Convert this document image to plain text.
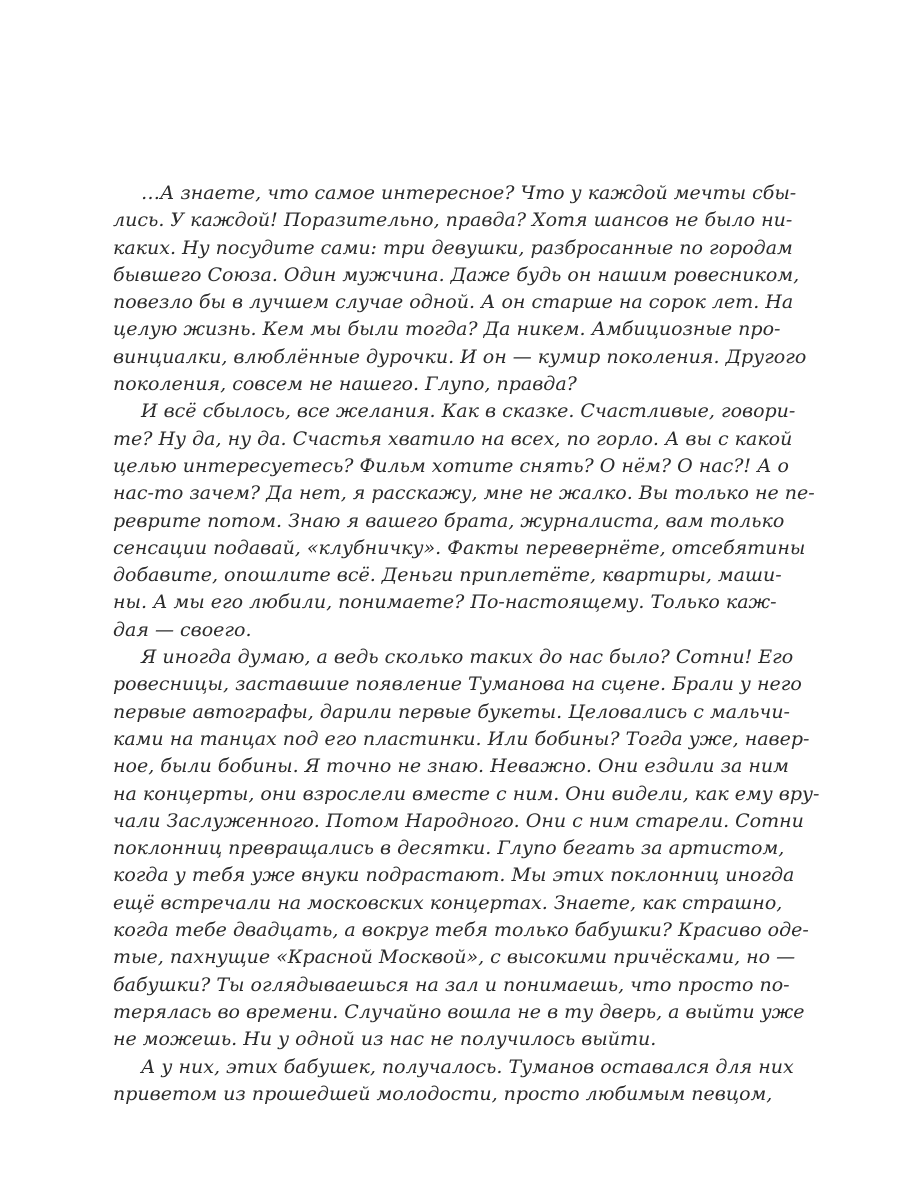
…А знаете, что самое интересное? Что у каждой мечты сбы-
лись. У каждой! Поразительно, правда? Хотя шансов не было ни-
каких. Ну посудите сами: три девушки, разбросанные по городам
бывшего Союза. Один мужчина. Даже будь он нашим ровесником,
повезло бы в лучшем случае одной. А он старше на сорок лет. На
целую жизнь. Кем мы были тогда? Да никем. Амбициозные про-
винциалки, влюблённые дурочки. И он — кумир поколения. Другого
поколения, совсем не нашего. Глупо, правда?
И всё сбылось, все желания. Как в сказке. Счастливые, говори-
те? Ну да, ну да. Счастья хватило на всех, по горло. А вы с какой
целью интересуетесь? Фильм хотите снять? О нём? О нас?! А о
нас-то зачем? Да нет, я расскажу, мне не жалко. Вы только не пе-
реврите потом. Знаю я вашего брата, журналиста, вам только
сенсации подавай, «клубничку». Факты перевернёте, отсебятины
добавите, опошлите всё. Деньги приплетёте, квартиры, маши-
ны. А мы его любили, понимаете? По-настоящему. Только каж-
дая — своего.
Я иногда думаю, а ведь сколько таких до нас было? Сотни! Его
ровесницы, заставшие появление Туманова на сцене. Брали у него
первые автографы, дарили первые букеты. Целовались с мальчи-
ками на танцах под его пластинки. Или бобины? Тогда уже, навер-
ное, были бобины. Я точно не знаю. Неважно. Они ездили за ним
на концерты, они взрослели вместе с ним. Они видели, как ему вру-
чали Заслуженного. Потом Народного. Они с ним старели. Сотни
поклонниц превращались в десятки. Глупо бегать за артистом,
когда у тебя уже внуки подрастают. Мы этих поклонниц иногда
ещё встречали на московских концертах. Знаете, как страшно,
когда тебе двадцать, а вокруг тебя только бабушки? Красиво оде-
тые, пахнущие «Красной Москвой», с высокими причёсками, но —
бабушки? Ты оглядываешься на зал и понимаешь, что просто по-
терялась во времени. Случайно вошла не в ту дверь, а выйти уже
не можешь. Ни у одной из нас не получилось выйти.
А у них, этих бабушек, получалось. Туманов оставался для них
приветом из прошедшей молодости, просто любимым певцом,
